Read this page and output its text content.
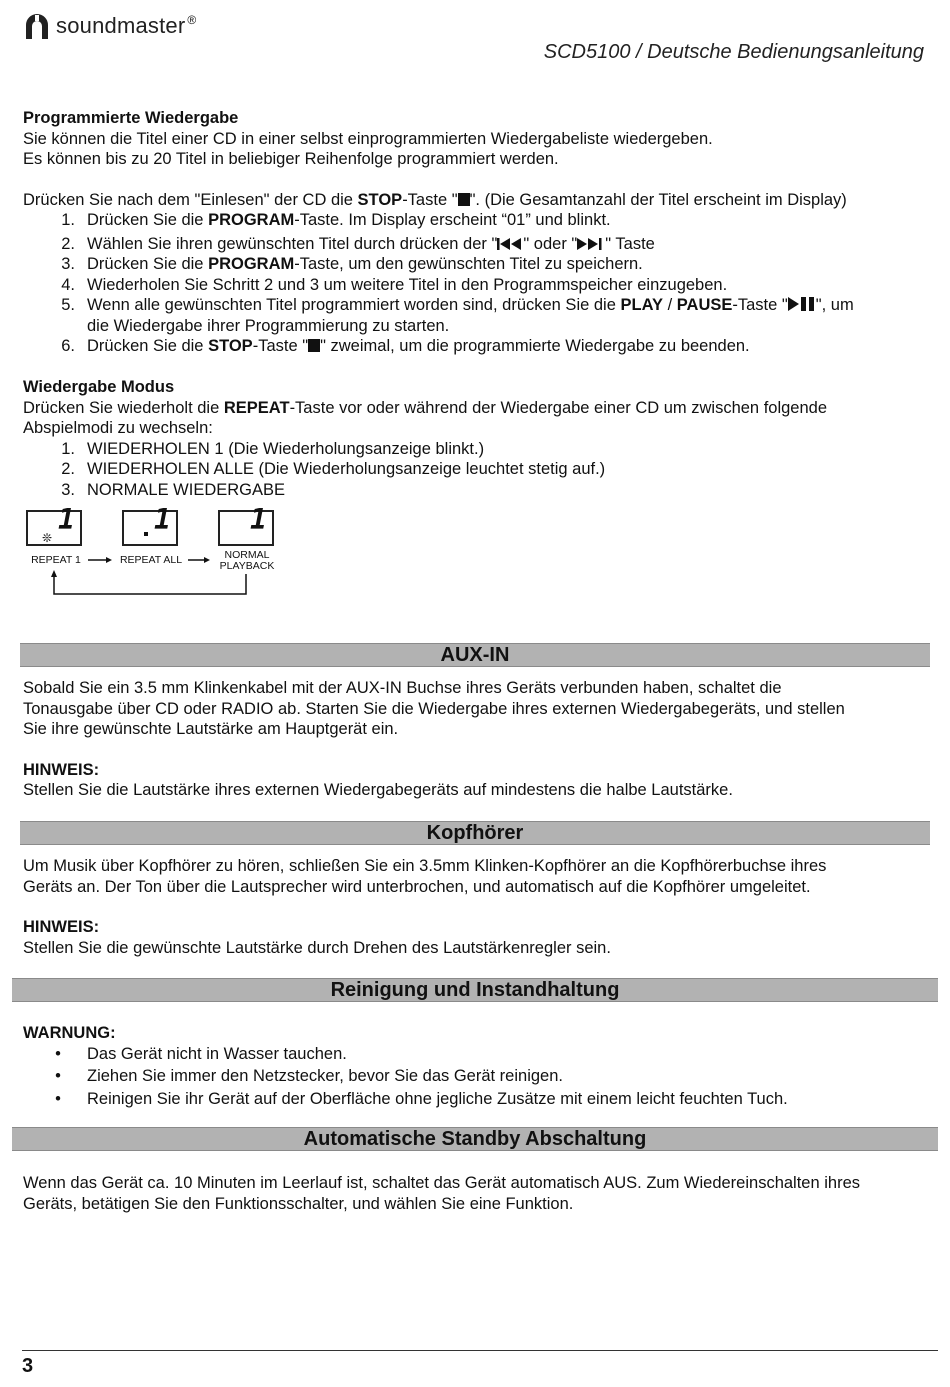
soundmaster ®
SCD5100 / Deutsche Bedienungsanleitung
Programmierte Wiedergabe
Sie können die Titel einer CD in einer selbst einprogrammierten Wiedergabeliste wiedergeben.
Es können bis zu 20 Titel in beliebiger Reihenfolge programmiert werden.
Drücken Sie nach dem "Einlesen" der CD die STOP-Taste " ". (Die Gesamtanzahl der Titel erscheint im Display)
1. Drücken Sie die PROGRAM-Taste. Im Display erscheint “01” und blinkt.
2. Wählen Sie ihren gewünschten Titel durch drücken der " " oder " " Taste
3. Drücken Sie die PROGRAM-Taste, um den gewünschten Titel zu speichern.
4. Wiederholen Sie Schritt 2 und 3 um weitere Titel in den Programmspeicher einzugeben.
5. Wenn alle gewünschten Titel programmiert worden sind, drücken Sie die PLAY / PAUSE-Taste " ", um
die Wiedergabe ihrer Programmierung zu starten.
6. Drücken Sie die STOP-Taste " " zweimal, um die programmierte Wiedergabe zu beenden.
Wiedergabe Modus
Drücken Sie wiederholt die REPEAT-Taste vor oder während der Wiedergabe einer CD um zwischen folgende
Abspielmodi zu wechseln:
1. WIEDERHOLEN 1 (Die Wiederholungsanzeige blinkt.)
2. WIEDERHOLEN ALLE (Die Wiederholungsanzeige leuchtet stetig auf.)
3. NORMALE WIEDERGABE
❊
1	1	1
REPEAT 1	REPEAT ALL	NORMAL
PLAYBACK
AUX-IN
Sobald Sie ein 3.5 mm Klinkenkabel mit der AUX-IN Buchse ihres Geräts verbunden haben, schaltet die
Tonausgabe über CD oder RADIO ab. Starten Sie die Wiedergabe ihres externen Wiedergabegeräts, und stellen
Sie ihre gewünschte Lautstärke am Hauptgerät ein.
HINWEIS:
Stellen Sie die Lautstärke ihres externen Wiedergabegeräts auf mindestens die halbe Lautstärke.
Kopfhörer
Um Musik über Kopfhörer zu hören, schließen Sie ein 3.5mm Klinken-Kopfhörer an die Kopfhörerbuchse ihres
Geräts an. Der Ton über die Lautsprecher wird unterbrochen, und automatisch auf die Kopfhörer umgeleitet.
HINWEIS:
Stellen Sie die gewünschte Lautstärke durch Drehen des Lautstärkenregler sein.
Reinigung und Instandhaltung
WARNUNG:
• Das Gerät nicht in Wasser tauchen.
• Ziehen Sie immer den Netzstecker, bevor Sie das Gerät reinigen.
• Reinigen Sie ihr Gerät auf der Oberfläche ohne jegliche Zusätze mit einem leicht feuchten Tuch.
Automatische Standby Abschaltung
Wenn das Gerät ca. 10 Minuten im Leerlauf ist, schaltet das Gerät automatisch AUS. Zum Wiedereinschalten ihres
Geräts, betätigen Sie den Funktionsschalter, und wählen Sie eine Funktion.
3
